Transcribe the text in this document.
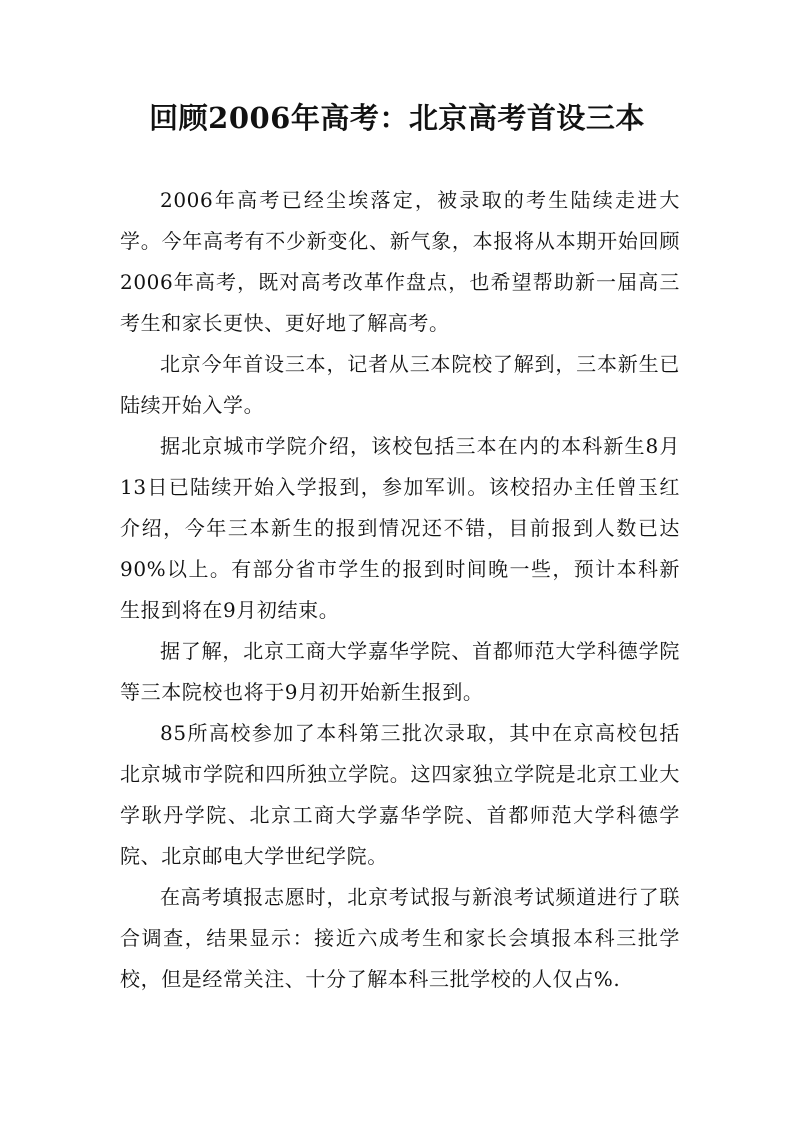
回顾2006年高考：北京高考首设三本

2006年高考已经尘埃落定，被录取的考生陆续走进大学。今年高考有不少新变化、新气象，本报将从本期开始回顾2006年高考，既对高考改革作盘点，也希望帮助新一届高三考生和家长更快、更好地了解高考。

北京今年首设三本，记者从三本院校了解到，三本新生已陆续开始入学。

据北京城市学院介绍，该校包括三本在内的本科新生8月13日已陆续开始入学报到，参加军训。该校招办主任曾玉红介绍，今年三本新生的报到情况还不错，目前报到人数已达90%以上。有部分省市学生的报到时间晚一些，预计本科新生报到将在9月初结束。

据了解，北京工商大学嘉华学院、首都师范大学科德学院等三本院校也将于9月初开始新生报到。

85所高校参加了本科第三批次录取，其中在京高校包括北京城市学院和四所独立学院。这四家独立学院是北京工业大学耿丹学院、北京工商大学嘉华学院、首都师范大学科德学院、北京邮电大学世纪学院。

在高考填报志愿时，北京考试报与新浪考试频道进行了联合调查，结果显示：接近六成考生和家长会填报本科三批学校，但是经常关注、十分了解本科三批学校的人仅占%.
